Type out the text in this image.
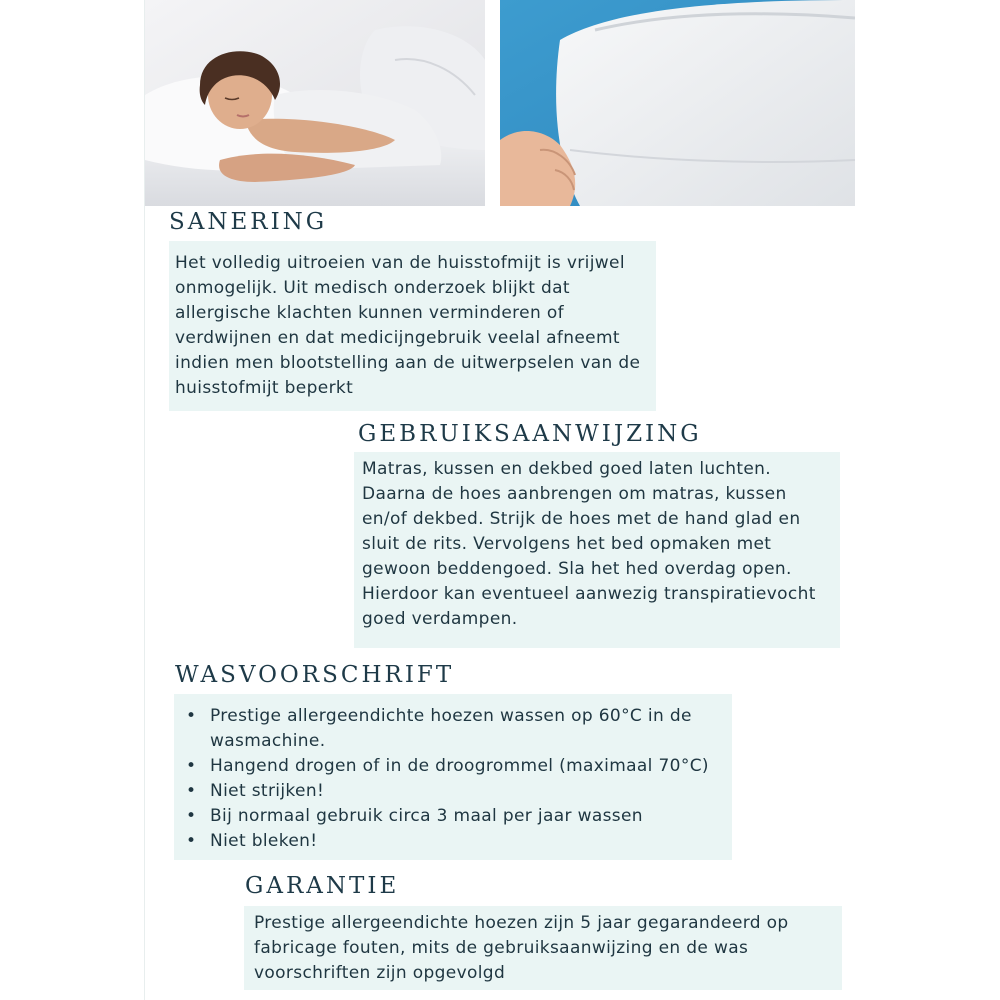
SANERING

Het volledig uitroeien van de huisstofmijt is vrijwel onmogelijk. Uit medisch onderzoek blijkt dat allergische klachten kunnen verminderen of verdwijnen en dat medicijngebruik veelal afneemt indien men blootstelling aan de uitwerpselen van de huisstofmijt beperkt

GEBRUIKSAANWIJZING

Matras, kussen en dekbed goed laten luchten. Daarna de hoes aanbrengen om matras, kussen en/of dekbed. Strijk de hoes met de hand glad en sluit de rits. Vervolgens het bed opmaken met gewoon beddengoed. Sla het hed overdag open. Hierdoor kan eventueel aanwezig transpiratievocht goed verdampen.

WASVOORSCHRIFT
• Prestige allergeendichte hoezen wassen op 60°C in de wasmachine.
• Hangend drogen of in de droogrommel (maximaal 70°C)
• Niet strijken!
• Bij normaal gebruik circa 3 maal per jaar wassen
• Niet bleken!
GARANTIE

Prestige allergeendichte hoezen zijn 5 jaar gegarandeerd op fabricage fouten, mits de gebruiksaanwijzing en de was voorschriften zijn opgevolgd
